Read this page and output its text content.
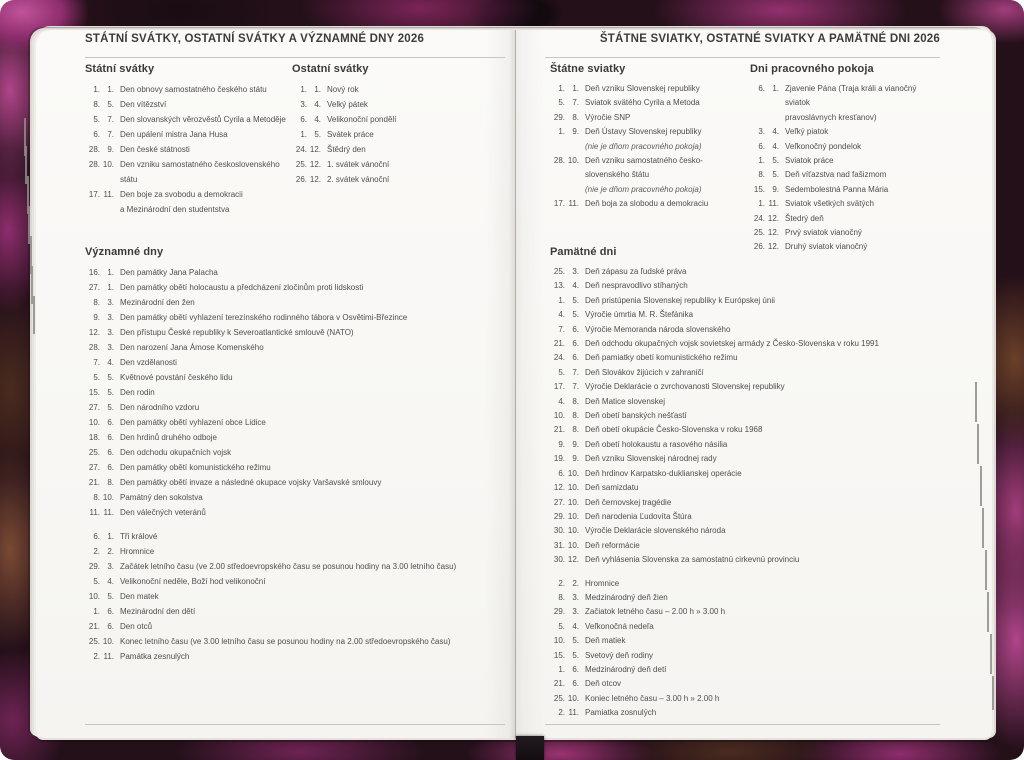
STÁTNÍ SVÁTKY, OSTATNÍ SVÁTKY A VÝZNAMNÉ DNY 2026
Státní svátky
1. 1. Den obnovy samostatného českého státu
8. 5. Den vítězství
5. 7. Den slovanských věrozvěstů Cyrila a Metoděje
6. 7. Den upálení mistra Jana Husa
28. 9. Den české státnosti
28. 10. Den vzniku samostatného československého státu
17. 11. Den boje za svobodu a demokracii
a Mezinárodní den studentstva
Ostatní svátky
1. 1. Nový rok
3. 4. Velký pátek
6. 4. Velikonoční pondělí
1. 5. Svátek práce
24. 12. Štědrý den
25. 12. 1. svátek vánoční
26. 12. 2. svátek vánoční
Významné dny
16. 1. Den památky Jana Palacha
27. 1. Den památky obětí holocaustu a předcházení zločinům proti lidskosti
8. 3. Mezinárodní den žen
9. 3. Den památky obětí vyhlazení terezínského rodinného tábora v Osvětimi-Březince
12. 3. Den přístupu České republiky k Severoatlantické smlouvě (NATO)
28. 3. Den narození Jana Ámose Komenského
7. 4. Den vzdělanosti
5. 5. Květnové povstání českého lidu
15. 5. Den rodin
27. 5. Den národního vzdoru
10. 6. Den památky obětí vyhlazení obce Lidice
18. 6. Den hrdinů druhého odboje
25. 6. Den odchodu okupačních vojsk
27. 6. Den památky obětí komunistického režimu
21. 8. Den památky obětí invaze a následné okupace vojsky Varšavské smlouvy
8. 10. Památný den sokolstva
11. 11. Den válečných veteránů
6. 1. Tři králové
2. 2. Hromnice
29. 3. Začátek letního času (ve 2.00 středoevropského času se posunou hodiny na 3.00 letního času)
5. 4. Velikonoční neděle, Boží hod velikonoční
10. 5. Den matek
1. 6. Mezinárodní den dětí
21. 6. Den otců
25. 10. Konec letního času (ve 3.00 letního času se posunou hodiny na 2.00 středoevropského času)
2. 11. Památka zesnulých
ŠTÁTNE SVIATKY, OSTATNÉ SVIATKY A PAMÄTNÉ DNI 2026
Štátne sviatky
1. 1. Deň vzniku Slovenskej republiky
5. 7. Sviatok svätého Cyrila a Metoda
29. 8. Výročie SNP
1. 9. Deň Ústavy Slovenskej republiky
(nie je dňom pracovného pokoja)
28. 10. Deň vzniku samostatného česko-slovenského štátu
(nie je dňom pracovného pokoja)
17. 11. Deň boja za slobodu a demokraciu
Dni pracovného pokoja
6. 1. Zjavenie Pána (Traja králi a vianočný sviatok
pravoslávnych kresťanov)
3. 4. Veľký piatok
6. 4. Veľkonočný pondelok
1. 5. Sviatok práce
8. 5. Deň víťazstva nad fašizmom
15. 9. Sedembolestná Panna Mária
1. 11. Sviatok všetkých svätých
24. 12. Štedrý deň
25. 12. Prvý sviatok vianočný
26. 12. Druhý sviatok vianočný
Pamätné dni
25. 3. Deň zápasu za ľudské práva
13. 4. Deň nespravodlivo stíhaných
1. 5. Deň pristúpenia Slovenskej republiky k Európskej únii
4. 5. Výročie úmrtia M. R. Štefánika
7. 6. Výročie Memoranda národa slovenského
21. 6. Deň odchodu okupačných vojsk sovietskej armády z Česko-Slovenska v roku 1991
24. 6. Deň pamiatky obetí komunistického režimu
5. 7. Deň Slovákov žijúcich v zahraničí
17. 7. Výročie Deklarácie o zvrchovanosti Slovenskej republiky
4. 8. Deň Matice slovenskej
10. 8. Deň obetí banských nešťastí
21. 8. Deň obetí okupácie Česko-Slovenska v roku 1968
9. 9. Deň obetí holokaustu a rasového násilia
19. 9. Deň vzniku Slovenskej národnej rady
6. 10. Deň hrdinov Karpatsko-duklianskej operácie
12. 10. Deň samizdatu
27. 10. Deň černovskej tragédie
29. 10. Deň narodenia Ľudovíta Štúra
30. 10. Výročie Deklarácie slovenského národa
31. 10. Deň reformácie
30. 12. Deň vyhlásenia Slovenska za samostatnú cirkevnú provinciu
2. 2. Hromnice
8. 3. Medzinárodný deň žien
29. 3. Začiatok letného času – 2.00 h » 3.00 h
5. 4. Veľkonočná nedeľa
10. 5. Deň matiek
15. 5. Svetový deň rodiny
1. 6. Medzinárodný deň detí
21. 6. Deň otcov
25. 10. Koniec letného času – 3.00 h » 2.00 h
2. 11. Pamiatka zosnulých
